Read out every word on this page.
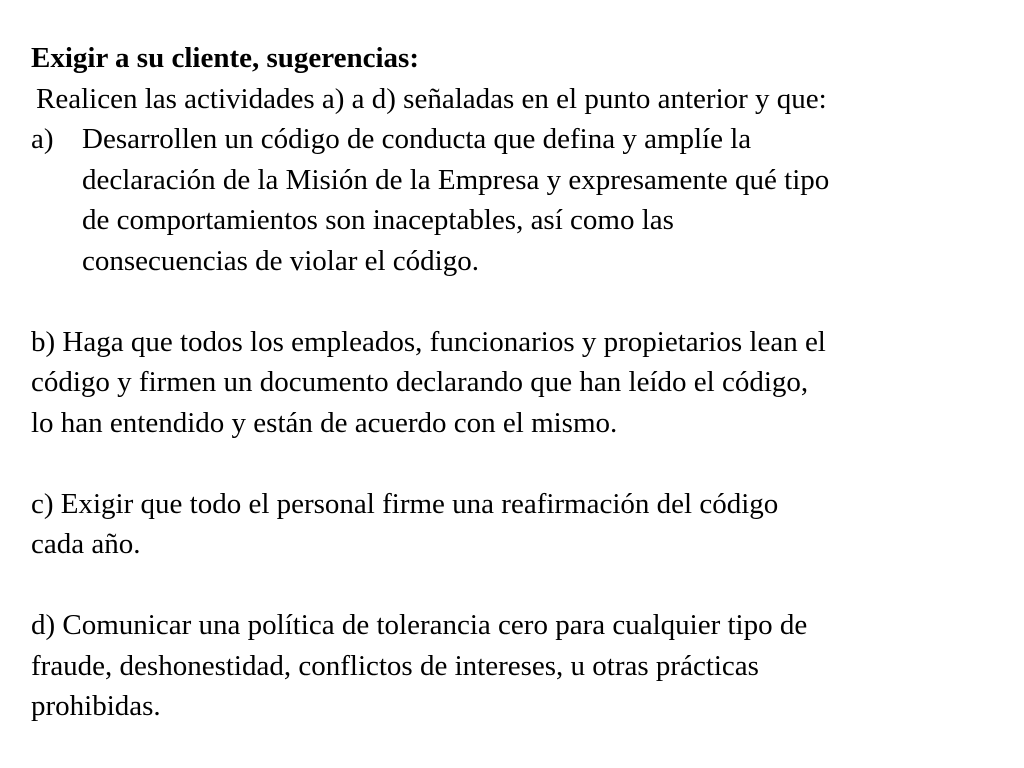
Exigir a su cliente, sugerencias:
Realicen las actividades a) a d) señaladas en el punto anterior y que:
a) Desarrollen un código de conducta que defina y amplíe la
declaración de la Misión de la Empresa y expresamente qué tipo
de comportamientos son inaceptables, así como las
consecuencias de violar el código.
b) Haga que todos los empleados, funcionarios y propietarios lean el
código y firmen un documento declarando que han leído el código,
lo han entendido y están de acuerdo con el mismo.
c) Exigir que todo el personal firme una reafirmación del código
cada año.
d) Comunicar una política de tolerancia cero para cualquier tipo de
fraude, deshonestidad, conflictos de intereses, u otras prácticas
prohibidas.
